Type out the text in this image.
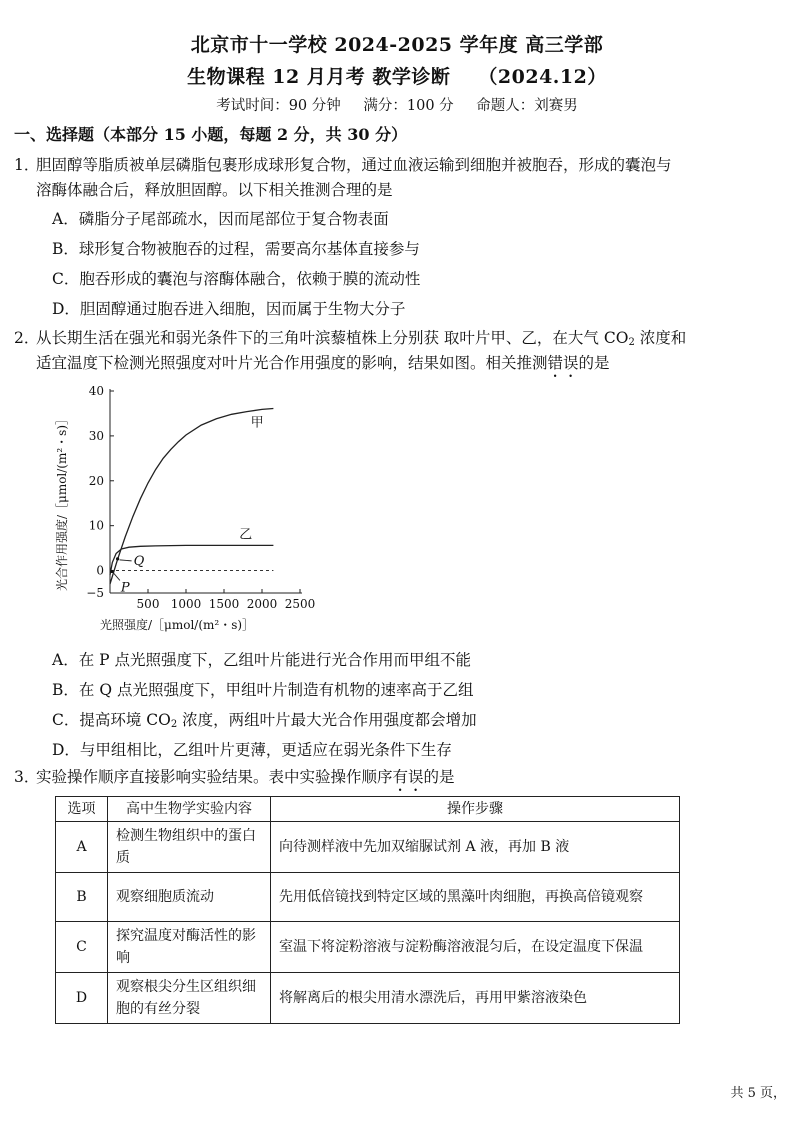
北京市十一学校 2024-2025 学年度 高三学部
生物课程 12 月月考 教学诊断 （2024.12）
考试时间：90 分钟 满分：100 分 命题人：刘赛男
一、选择题（本部分 15 小题，每题 2 分，共 30 分）
1．胆固醇等脂质被单层磷脂包裹形成球形复合物，通过血液运输到细胞并被胞吞，形成的囊泡与
溶酶体融合后，释放胆固醇。以下相关推测合理的是
A．磷脂分子尾部疏水，因而尾部位于复合物表面
B．球形复合物被胞吞的过程，需要高尔基体直接参与
C．胞吞形成的囊泡与溶酶体融合，依赖于膜的流动性
D．胆固醇通过胞吞进入细胞，因而属于生物大分子
2．从长期生活在强光和弱光条件下的三角叶滨藜植株上分别获 取叶片甲、乙，在大气 $CO_2$ 浓度和
适宜温度下检测光照强度对叶片光合作用强度的影响，结果如图。相关推测错误的是
−5
0
10
20
30
40
500 1000 1500 2000 2500
甲
乙
P
Q
光照强度/［μmol/(m²・s)］
光合作用强度/［μmol/(m²・s)］
A．在 P 点光照强度下，乙组叶片能进行光合作用而甲组不能
B．在 Q 点光照强度下，甲组叶片制造有机物的速率高于乙组
C．提高环境 $CO_2$ 浓度，两组叶片最大光合作用强度都会增加
D．与甲组相比，乙组叶片更薄，更适应在弱光条件下生存
3．实验操作顺序直接影响实验结果。表中实验操作顺序有误的是
选项	高中生物学实验内容	操作步骤
A	检测生物组织中的蛋白质	向待测样液中先加双缩脲试剂 A 液，再加 B 液
B	观察细胞质流动	先用低倍镜找到特定区域的黑藻叶肉细胞，再换高倍镜观察
C	探究温度对酶活性的影响	室温下将淀粉溶液与淀粉酶溶液混匀后，在设定温度下保温
D	观察根尖分生区组织细胞的有丝分裂	将解离后的根尖用清水漂洗后，再用甲紫溶液染色
共 5 页，
